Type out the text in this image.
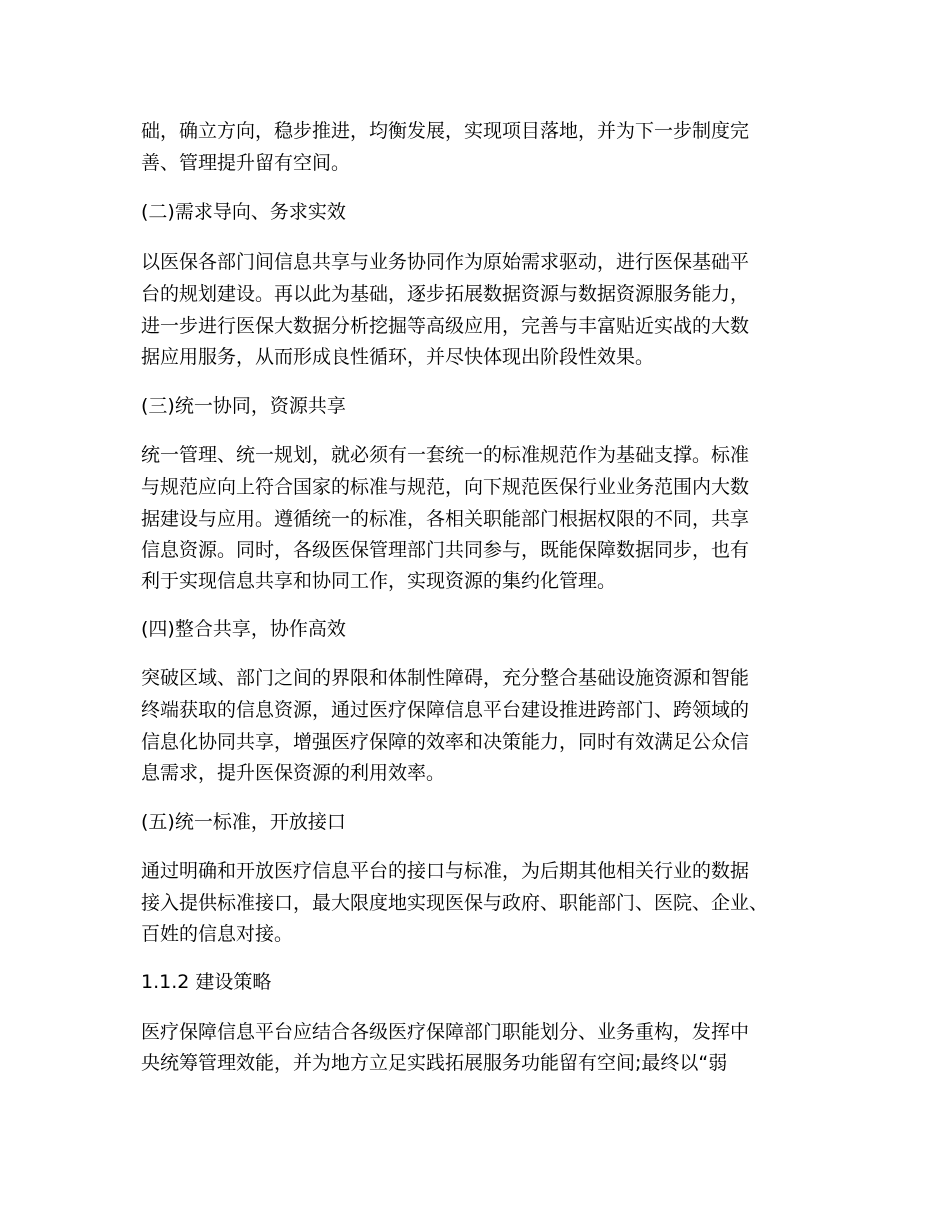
础，确立方向，稳步推进，均衡发展，实现项目落地，并为下一步制度完
善、管理提升留有空间。
(二)需求导向、务求实效
以医保各部门间信息共享与业务协同作为原始需求驱动，进行医保基础平
台的规划建设。再以此为基础，逐步拓展数据资源与数据资源服务能力，
进一步进行医保大数据分析挖掘等高级应用，完善与丰富贴近实战的大数
据应用服务，从而形成良性循环，并尽快体现出阶段性效果。
(三)统一协同，资源共享
统一管理、统一规划，就必须有一套统一的标准规范作为基础支撑。标准
与规范应向上符合国家的标准与规范，向下规范医保行业业务范围内大数
据建设与应用。遵循统一的标准，各相关职能部门根据权限的不同，共享
信息资源。同时，各级医保管理部门共同参与，既能保障数据同步，也有
利于实现信息共享和协同工作，实现资源的集约化管理。
(四)整合共享，协作高效
突破区域、部门之间的界限和体制性障碍，充分整合基础设施资源和智能
终端获取的信息资源，通过医疗保障信息平台建设推进跨部门、跨领域的
信息化协同共享，增强医疗保障的效率和决策能力，同时有效满足公众信
息需求，提升医保资源的利用效率。
(五)统一标准，开放接口
通过明确和开放医疗信息平台的接口与标准，为后期其他相关行业的数据
接入提供标准接口，最大限度地实现医保与政府、职能部门、医院、企业、
百姓的信息对接。
1.1.2 建设策略
医疗保障信息平台应结合各级医疗保障部门职能划分、业务重构，发挥中
央统筹管理效能，并为地方立足实践拓展服务功能留有空间;最终以“弱
